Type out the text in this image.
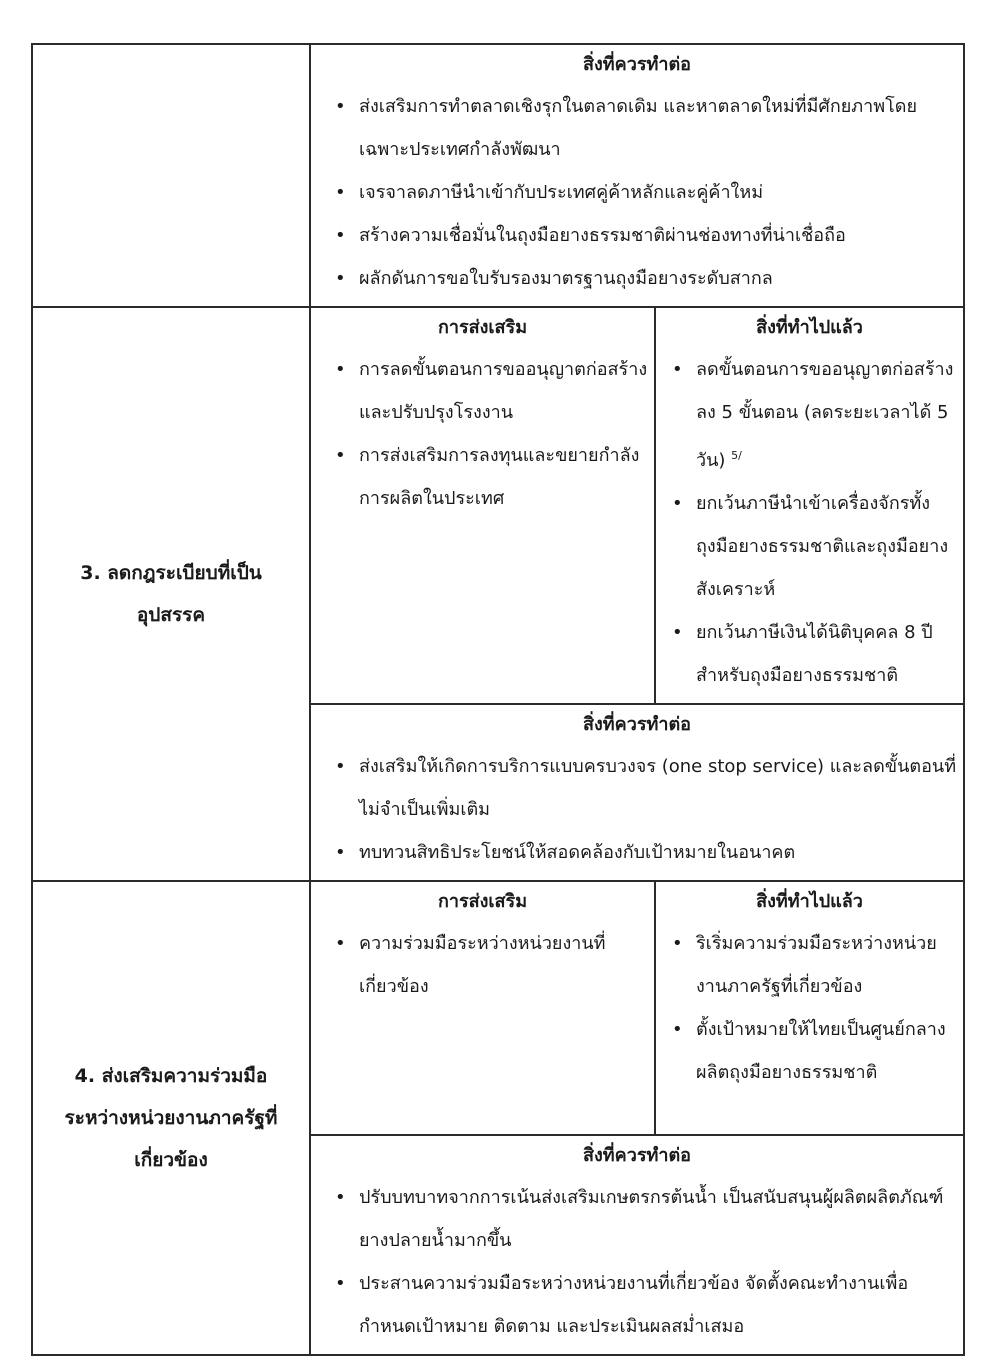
สิ่งที่ควรทำต่อ
• ส่งเสริมการทำตลาดเชิงรุกในตลาดเดิม และหาตลาดใหม่ที่มีศักยภาพโดยเฉพาะประเทศกำลังพัฒนา
• เจรจาลดภาษีนำเข้ากับประเทศคู่ค้าหลักและคู่ค้าใหม่
• สร้างความเชื่อมั่นในถุงมือยางธรรมชาติผ่านช่องทางที่น่าเชื่อถือ
• ผลักดันการขอใบรับรองมาตรฐานถุงมือยางระดับสากล

3. ลดกฎระเบียบที่เป็น
อุปสรรค

การส่งเสริม
• การลดขั้นตอนการขออนุญาตก่อสร้างและปรับปรุงโรงงาน
• การส่งเสริมการลงทุนและขยายกำลังการผลิตในประเทศ

สิ่งที่ทำไปแล้ว
• ลดขั้นตอนการขออนุญาตก่อสร้างลง 5 ขั้นตอน (ลดระยะเวลาได้ 5 วัน) $^{5/}$
• ยกเว้นภาษีนำเข้าเครื่องจักรทั้งถุงมือยางธรรมชาติและถุงมือยางสังเคราะห์
• ยกเว้นภาษีเงินได้นิติบุคคล 8 ปี สำหรับถุงมือยางธรรมชาติ

สิ่งที่ควรทำต่อ
• ส่งเสริมให้เกิดการบริการแบบครบวงจร (one stop service) และลดขั้นตอนที่ไม่จำเป็นเพิ่มเติม
• ทบทวนสิทธิประโยชน์ให้สอดคล้องกับเป้าหมายในอนาคต

4. ส่งเสริมความร่วมมือ
ระหว่างหน่วยงานภาครัฐที่
เกี่ยวข้อง

การส่งเสริม
• ความร่วมมือระหว่างหน่วยงานที่เกี่ยวข้อง

สิ่งที่ทำไปแล้ว
• ริเริ่มความร่วมมือระหว่างหน่วยงานภาครัฐที่เกี่ยวข้อง
• ตั้งเป้าหมายให้ไทยเป็นศูนย์กลางผลิตถุงมือยางธรรมชาติ

สิ่งที่ควรทำต่อ
• ปรับบทบาทจากการเน้นส่งเสริมเกษตรกรต้นน้ำ เป็นสนับสนุนผู้ผลิตผลิตภัณฑ์ยางปลายน้ำมากขึ้น
• ประสานความร่วมมือระหว่างหน่วยงานที่เกี่ยวข้อง จัดตั้งคณะทำงานเพื่อกำหนดเป้าหมาย ติดตาม และประเมินผลสม่ำเสมอ
